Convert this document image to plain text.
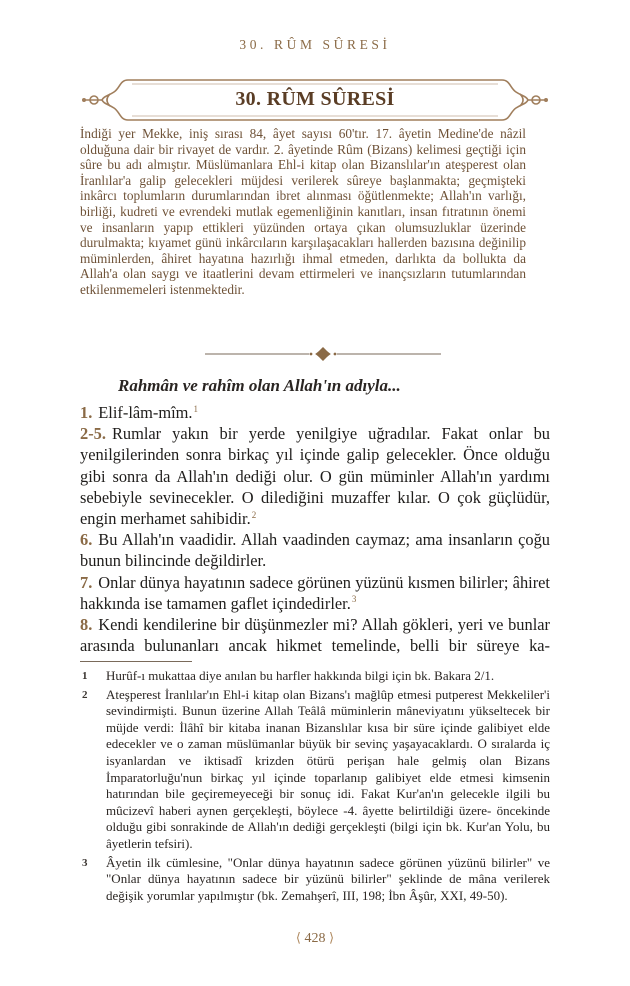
30. RÛM SÛRESİ
30. RÛM SÛRESİ

İndiği yer Mekke, iniş sırası 84, âyet sayısı 60'tır. 17. âyetin Medine'de nâzil olduğuna dair bir rivayet de vardır. 2. âyetinde Rûm (Bizans) kelimesi geçtiği için sûre bu adı almıştır. Müslümanlara Ehl-i kitap olan Bizanslılar'ın ateşperest olan İranlılar'a galip gelecekleri müjdesi verilerek sûreye başlanmakta; geçmişteki inkârcı toplumların durumlarından ibret alınması öğütlenmekte; Allah'ın varlığı, birliği, kudreti ve evrendeki mutlak egemenliğinin kanıtları, insan fıtratının önemi ve insanların yapıp ettikleri yüzünden ortaya çıkan olumsuzluklar üzerinde durulmakta; kıyamet günü inkârcıların karşılaşacakları hallerden bazısına değinilip müminlerden, âhiret hayatına hazırlığı ihmal etmeden, darlıkta da bollukta da Allah'a olan saygı ve itaatlerini devam ettirmeleri ve inançsızların tutumlarından etkilenmemeleri istenmektedir.

Rahmân ve rahîm olan Allah'ın adıyla...

1. Elif-lâm-mîm.$^1$

2-5. Rumlar yakın bir yerde yenilgiye uğradılar. Fakat onlar bu yenilgilerinden sonra birkaç yıl içinde galip gelecekler. Önce olduğu gibi sonra da Allah'ın dediği olur. O gün müminler Allah'ın yardımı sebebiyle sevinecekler. O dilediğini muzaffer kılar. O çok güçlüdür, engin merhamet sahibidir.$^2$

6. Bu Allah'ın vaadidir. Allah vaadinden caymaz; ama insanların çoğu bunun bilincinde değildirler.

7. Onlar dünya hayatının sadece görünen yüzünü kısmen bilirler; âhiret hakkında ise tamamen gaflet içindedirler.$^3$

8. Kendi kendilerine bir düşünmezler mi? Allah gökleri, yeri ve bunlar arasında bulunanları ancak hikmet temelinde, belli bir süreye ka-

1 Hurûf-ı mukattaa diye anılan bu harfler hakkında bilgi için bk. Bakara 2/1.

2 Ateşperest İranlılar'ın Ehl-i kitap olan Bizans'ı mağlûp etmesi putperest Mekkeliler'i sevindirmişti. Bunun üzerine Allah Teâlâ müminlerin mâneviyatını yükseltecek bir müjde verdi: İlâhî bir kitaba inanan Bizanslılar kısa bir süre içinde galibiyet elde edecekler ve o zaman müslümanlar büyük bir sevinç yaşayacaklardı. O sıralarda iç isyanlardan ve iktisadî krizden ötürü perişan hale gelmiş olan Bizans İmparatorluğu'nun birkaç yıl içinde toparlanıp galibiyet elde etmesi kimsenin hatırından bile geçiremeyeceği bir sonuç idi. Fakat Kur'an'ın gelecekle ilgili bu mûcizevî haberi aynen gerçekleşti, böylece -4. âyette belirtildiği üzere- öncekinde olduğu gibi sonrakinde de Allah'ın dediği gerçekleşti (bilgi için bk. Kur'an Yolu, bu âyetlerin tefsiri).

3 Âyetin ilk cümlesine, "Onlar dünya hayatının sadece görünen yüzünü bilirler" ve "Onlar dünya hayatının sadece bir yüzünü bilirler" şeklinde de mâna verilerek değişik yorumlar yapılmıştır (bk. Zemahşerî, III, 198; İbn Âşûr, XXI, 49-50).

⟨ 428 ⟩
